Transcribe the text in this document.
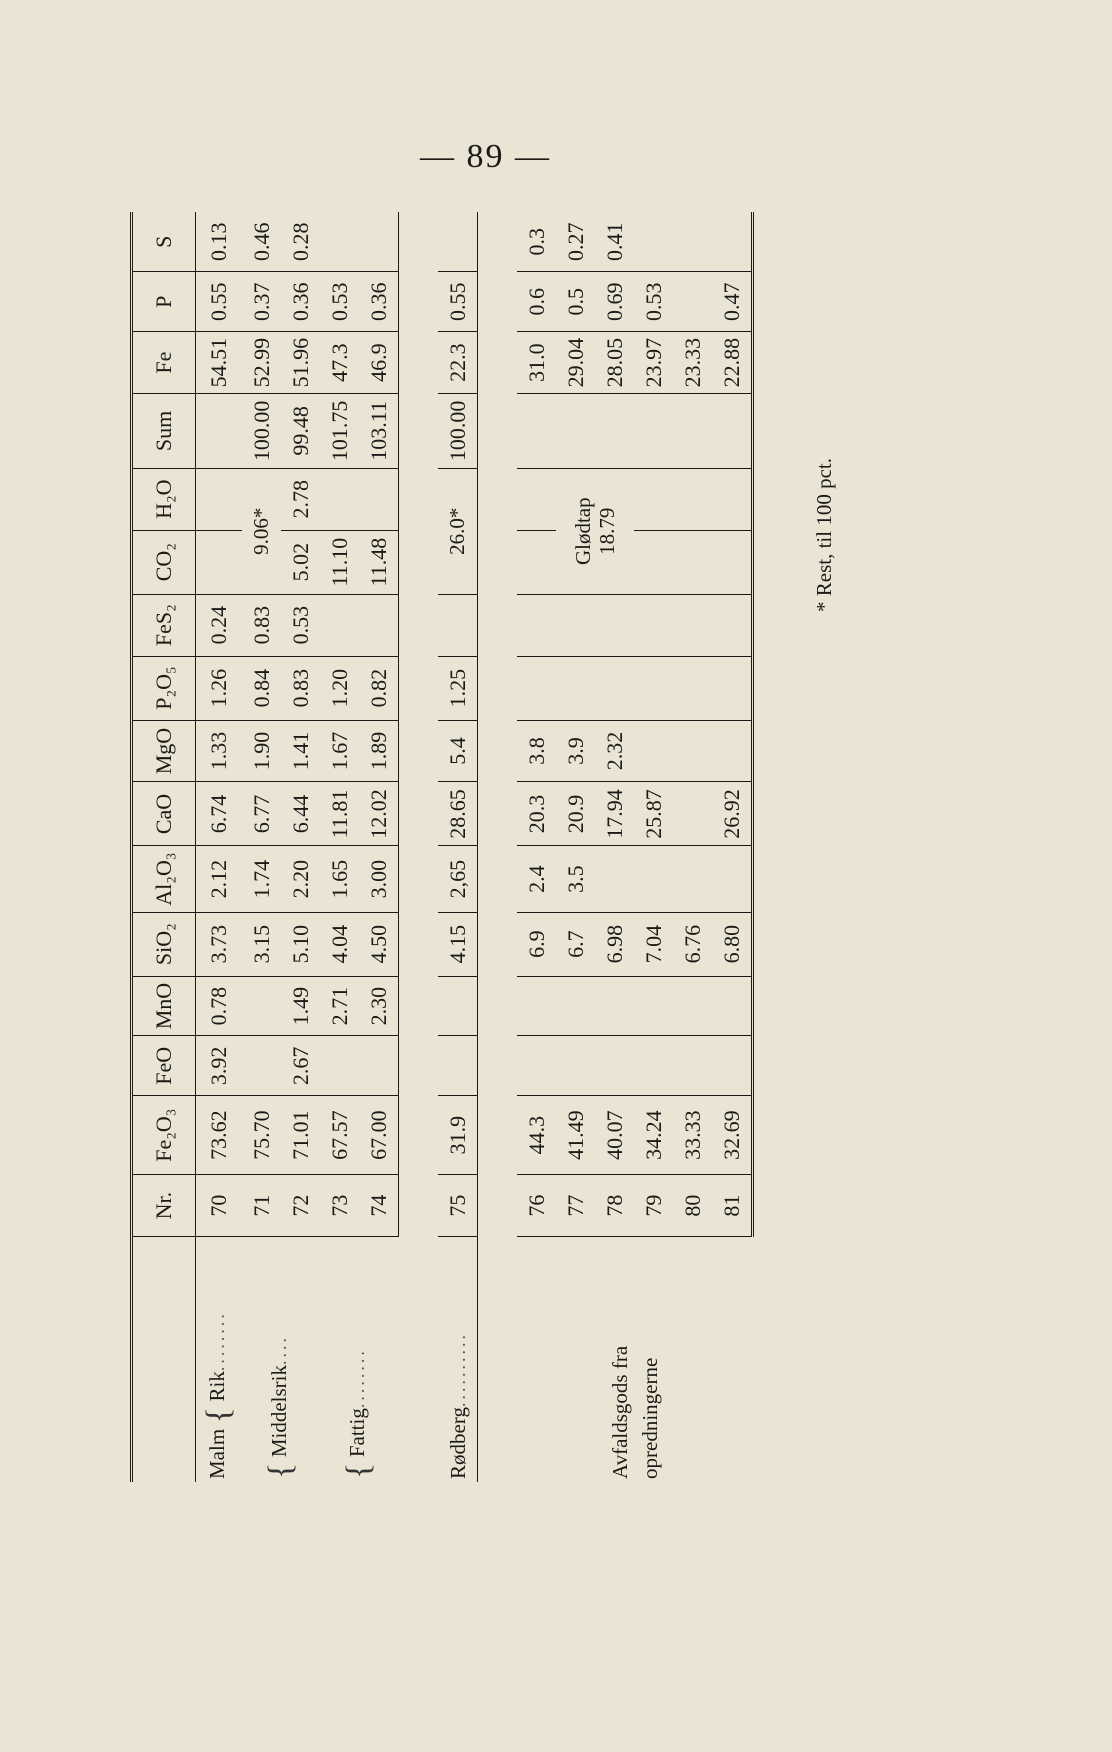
— 89 —
	Nr.	Fe₂O₃	FeO	MnO	SiO₂	Al₂O₃	CaO	MgO	P₂O₅	FeS₂	CO₂	H₂O	Sum	Fe	P	S
Malm { Rik........	70	73.62	3.92	0.78	3.73	2.12	6.74	1.33	1.26	0.24				54.51	0.55	0.13
{ Middelsrik....	71	75.70			3.15	1.74	6.77	1.90	0.84	0.83	9.06*		100.00	52.99	0.37	0.46
	72	71.01	2.67	1.49	5.10	2.20	6.44	1.41	0.83	0.53	5.02	2.78	99.48	51.96	0.36	0.28
{ Fattig........	73	67.57		2.71	4.04	1.65	11.81	1.67	1.20		11.10		101.75	47.3	0.53	
	74	67.00		2.30	4.50	3.00	12.02	1.89	0.82		11.48		103.11	46.9	0.36	

Rødberg..........	75	31.9			4.15	2,65	28.65	5.4	1.25		26.0*		100.00	22.3	0.55	

Avfaldsgods fra opredningerne	76	44.3			6.9	2.4	20.3	3.8						31.0	0.6	0.3
	77	41.49			6.7	3.5	20.9	3.9			Glødtap 18.79			29.04	0.5	0.27
	78	40.07			6.98		17.94	2.32						28.05	0.69	0.41
	79	34.24			7.04		25.87							23.97	0.53	
	80	33.33			6.76									23.33		
	81	32.69			6.80		26.92							22.88	0.47	
* Rest, til 100 pct.
